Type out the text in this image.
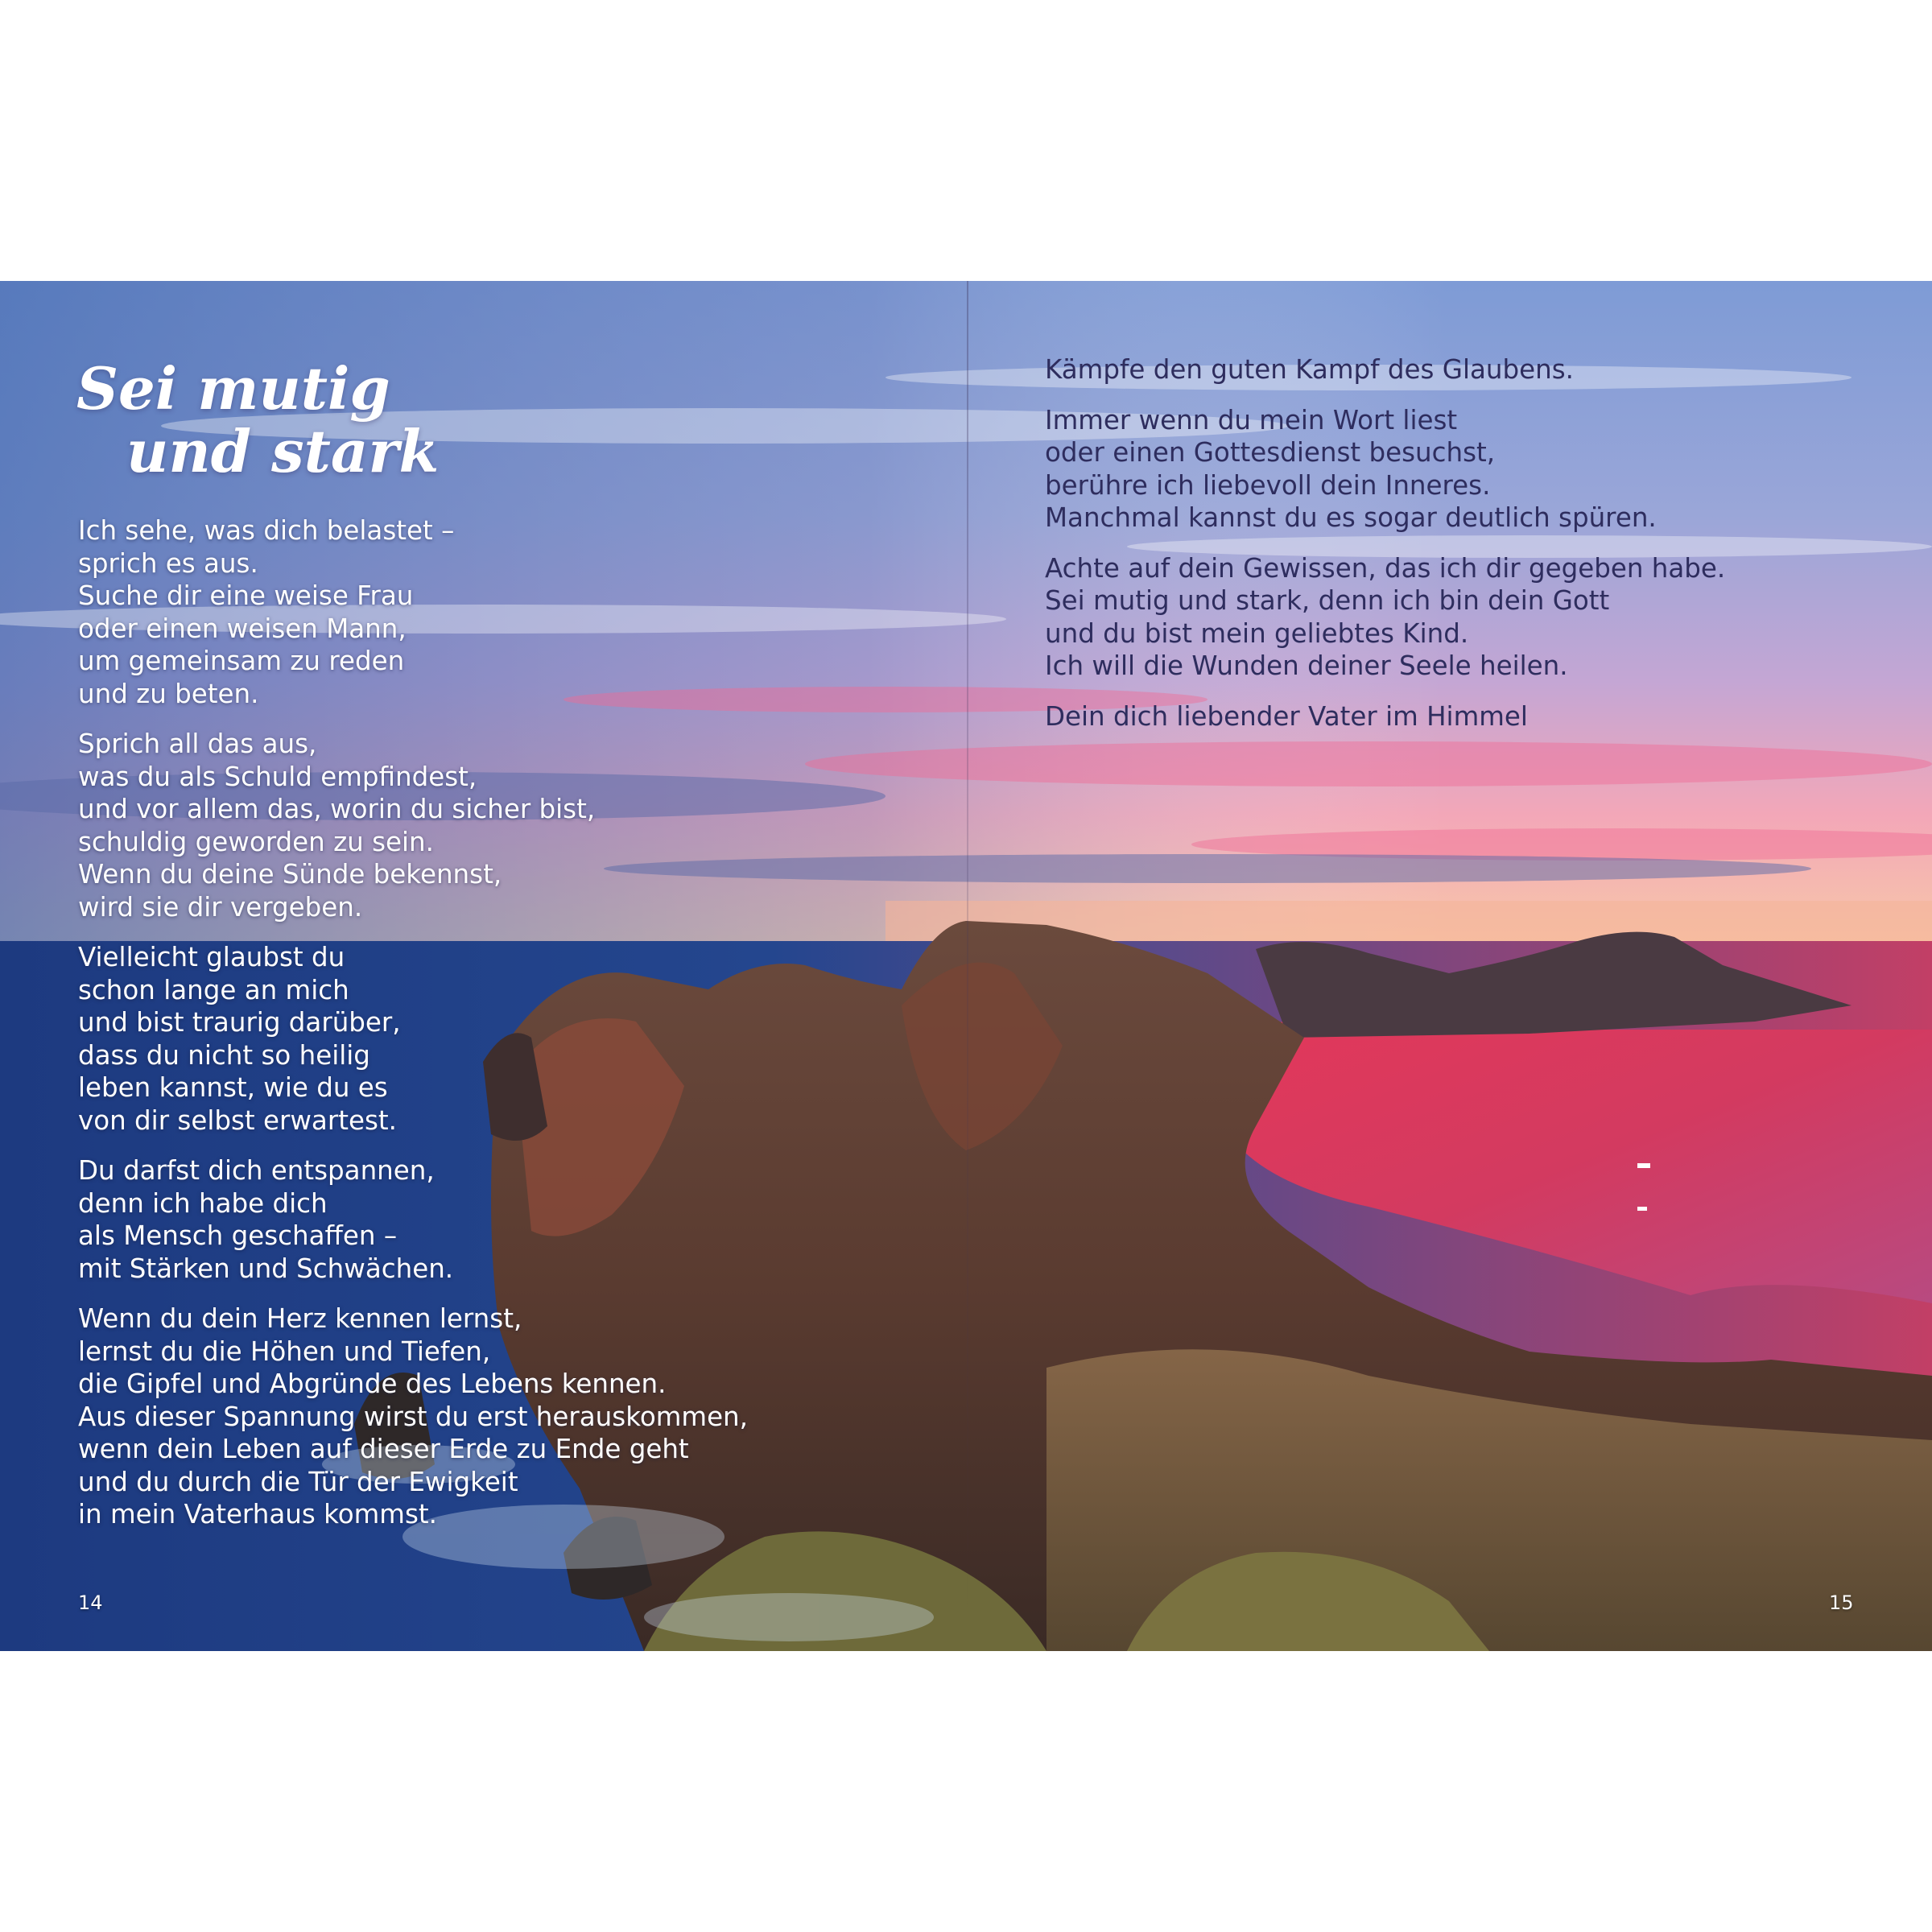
Sei mutig
und stark

Ich sehe, was dich belastet –
sprich es aus.
Suche dir eine weise Frau
oder einen weisen Mann,
um gemeinsam zu reden
und zu beten.

Sprich all das aus,
was du als Schuld empfindest,
und vor allem das, worin du sicher bist,
schuldig geworden zu sein.
Wenn du deine Sünde bekennst,
wird sie dir vergeben.

Vielleicht glaubst du
schon lange an mich
und bist traurig darüber,
dass du nicht so heilig
leben kannst, wie du es
von dir selbst erwartest.

Du darfst dich entspannen,
denn ich habe dich
als Mensch geschaffen –
mit Stärken und Schwächen.

Wenn du dein Herz kennen lernst,
lernst du die Höhen und Tiefen,
die Gipfel und Abgründe des Lebens kennen.
Aus dieser Spannung wirst du erst herauskommen,
wenn dein Leben auf dieser Erde zu Ende geht
und du durch die Tür der Ewigkeit
in mein Vaterhaus kommst.

Kämpfe den guten Kampf des Glaubens.

Immer wenn du mein Wort liest
oder einen Gottesdienst besuchst,
berühre ich liebevoll dein Inneres.
Manchmal kannst du es sogar deutlich spüren.

Achte auf dein Gewissen, das ich dir gegeben habe.
Sei mutig und stark, denn ich bin dein Gott
und du bist mein geliebtes Kind.
Ich will die Wunden deiner Seele heilen.

Dein dich liebender Vater im Himmel

14	15
